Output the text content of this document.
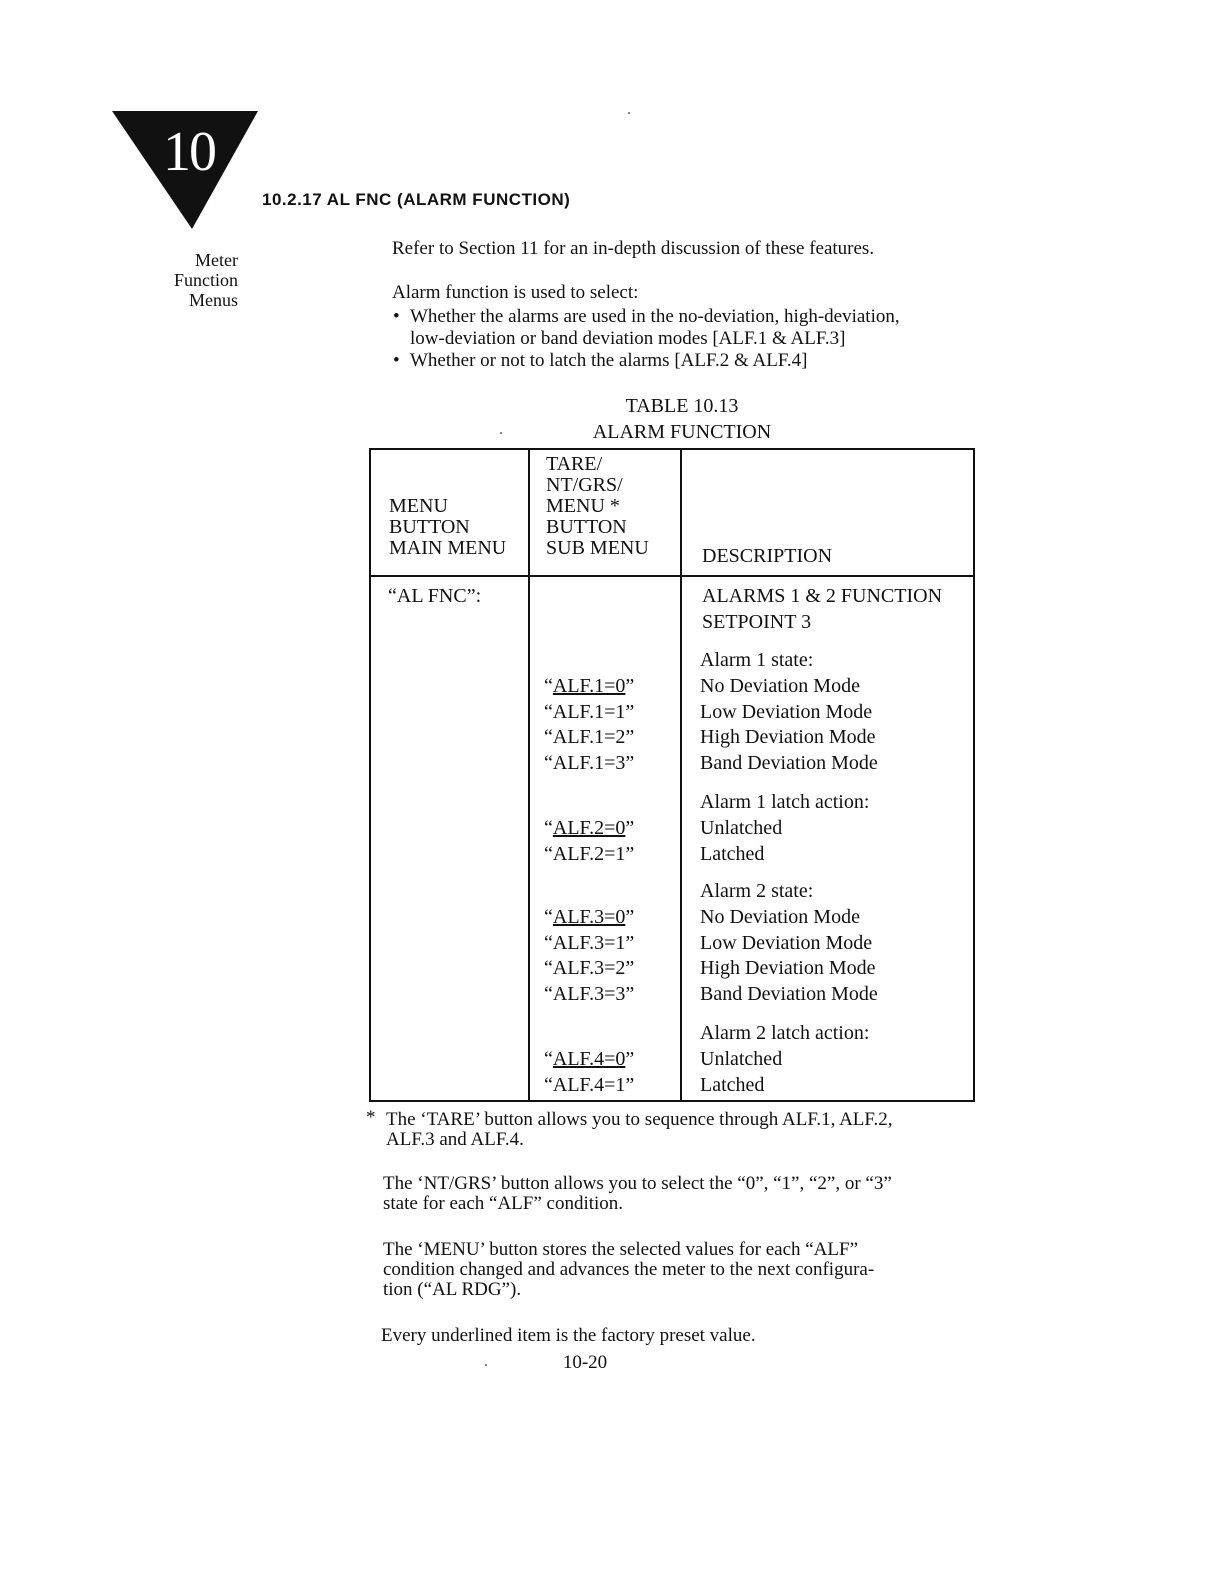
10
Meter
Function
Menus
10.2.17 AL FNC (ALARM FUNCTION)
Refer to Section 11 for an in-depth discussion of these features.
Alarm function is used to select:
• Whether the alarms are used in the no-deviation, high-deviation,
low-deviation or band deviation modes [ALF.1 & ALF.3]
• Whether or not to latch the alarms [ALF.2 & ALF.4]
TABLE 10.13
ALARM FUNCTION
MENU
BUTTON
MAIN MENU
TARE/
NT/GRS/
MENU *
BUTTON
SUB MENU	DESCRIPTION
“AL FNC”:	ALARMS 1 & 2 FUNCTION
SETPOINT 3
Alarm 1 state:
“ALF.1=0”
“ALF.1=1”
“ALF.1=2”
“ALF.1=3”
No Deviation Mode
Low Deviation Mode
High Deviation Mode
Band Deviation Mode
Alarm 1 latch action:
“ALF.2=0”
“ALF.2=1”
Unlatched
Latched
Alarm 2 state:
“ALF.3=0”
“ALF.3=1”
“ALF.3=2”
“ALF.3=3”
No Deviation Mode
Low Deviation Mode
High Deviation Mode
Band Deviation Mode
Alarm 2 latch action:
“ALF.4=0”
“ALF.4=1”
Unlatched
Latched
* The ‘TARE’ button allows you to sequence through ALF.1, ALF.2,
ALF.3 and ALF.4.
The ‘NT/GRS’ button allows you to select the “0”, “1”, “2”, or “3”
state for each “ALF” condition.
The ‘MENU’ button stores the selected values for each “ALF”
condition changed and advances the meter to the next configura-
tion (“AL RDG”).
Every underlined item is the factory preset value.
10-20
